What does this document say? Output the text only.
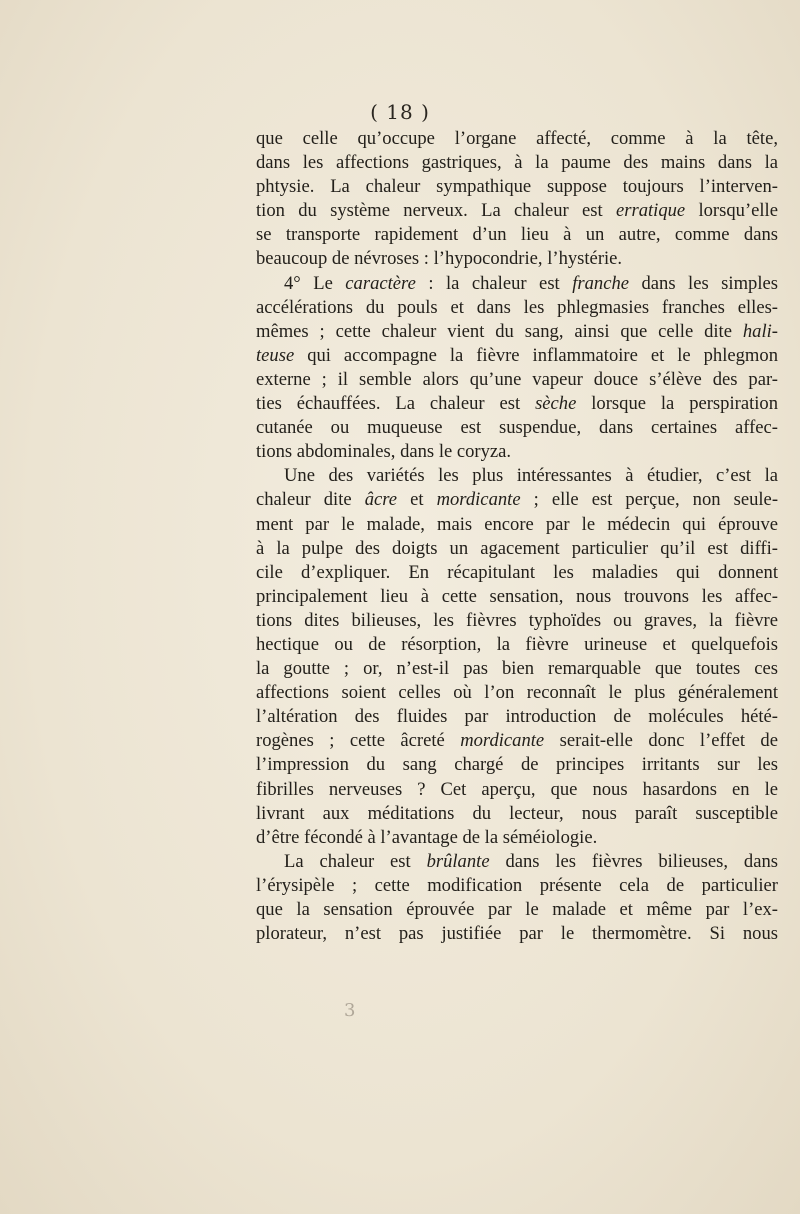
( 18 )
que celle qu’occupe l’organe affecté, comme à la tête,
dans les affections gastriques, à la paume des mains dans la
phtysie. La chaleur sympathique suppose toujours l’interven-
tion du système nerveux. La chaleur est erratique lorsqu’elle
se transporte rapidement d’un lieu à un autre, comme dans
beaucoup de névroses : l’hypocondrie, l’hystérie.
4° Le caractère : la chaleur est franche dans les simples
accélérations du pouls et dans les phlegmasies franches elles-
mêmes ; cette chaleur vient du sang, ainsi que celle dite hali-
teuse qui accompagne la fièvre inflammatoire et le phlegmon
externe ; il semble alors qu’une vapeur douce s’élève des par-
ties échauffées. La chaleur est sèche lorsque la perspiration
cutanée ou muqueuse est suspendue, dans certaines affec-
tions abdominales, dans le coryza.
Une des variétés les plus intéressantes à étudier, c’est la
chaleur dite âcre et mordicante ; elle est perçue, non seule-
ment par le malade, mais encore par le médecin qui éprouve
à la pulpe des doigts un agacement particulier qu’il est diffi-
cile d’expliquer. En récapitulant les maladies qui donnent
principalement lieu à cette sensation, nous trouvons les affec-
tions dites bilieuses, les fièvres typhoïdes ou graves, la fièvre
hectique ou de résorption, la fièvre urineuse et quelquefois
la goutte ; or, n’est-il pas bien remarquable que toutes ces
affections soient celles où l’on reconnaît le plus généralement
l’altération des fluides par introduction de molécules hété-
rogènes ; cette âcreté mordicante serait-elle donc l’effet de
l’impression du sang chargé de principes irritants sur les
fibrilles nerveuses ? Cet aperçu, que nous hasardons en le
livrant aux méditations du lecteur, nous paraît susceptible
d’être fécondé à l’avantage de la séméiologie.
La chaleur est brûlante dans les fièvres bilieuses, dans
l’érysipèle ; cette modification présente cela de particulier
que la sensation éprouvée par le malade et même par l’ex-
plorateur, n’est pas justifiée par le thermomètre. Si nous
3
